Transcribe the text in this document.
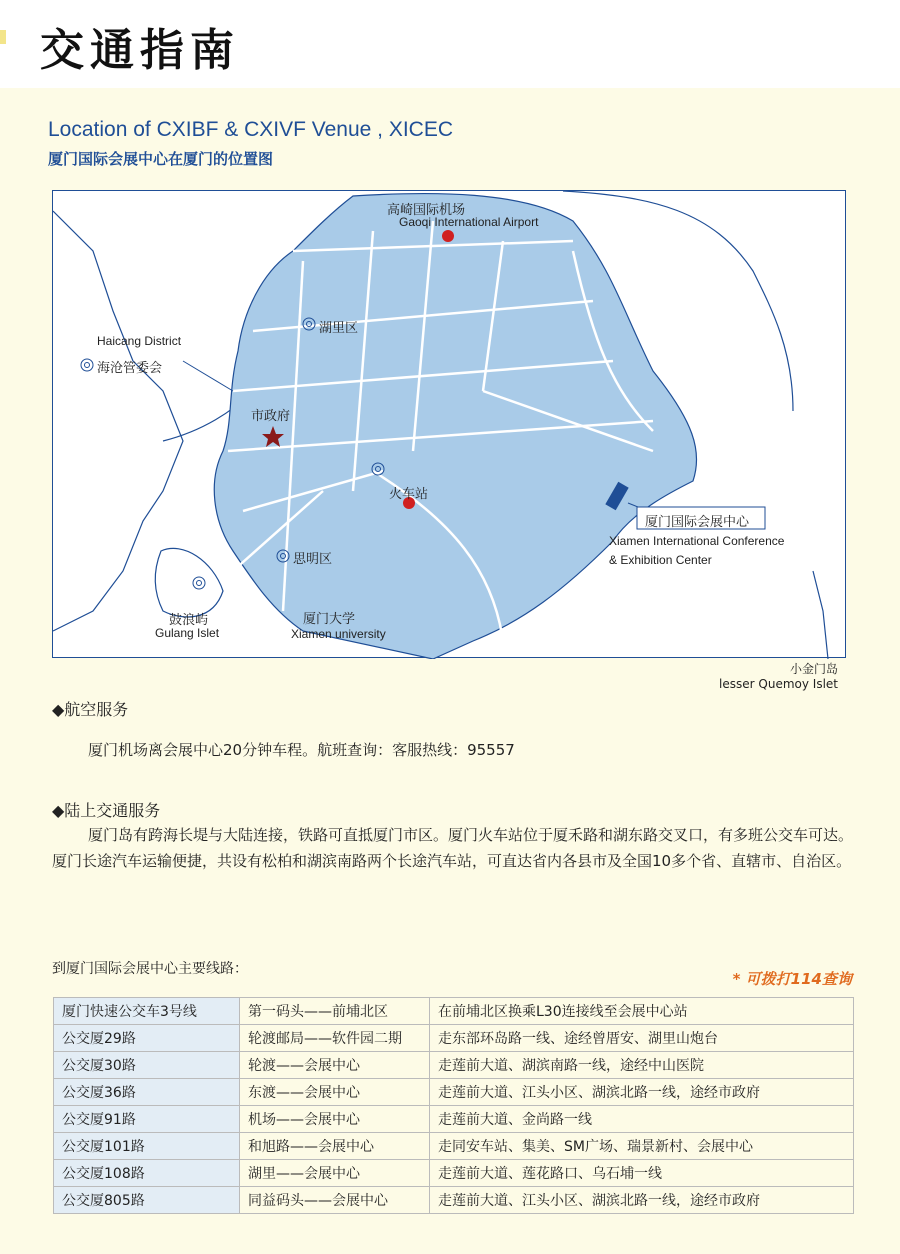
交通指南
Location of CXIBF & CXIVF Venue , XICEC
厦门国际会展中心在厦门的位置图
高崎国际机场
Gaoqi International Airport
湖里区
Haicang District
海沧管委会
市政府
火车站
厦门国际会展中心
Xiamen International Conference
& Exhibition Center
思明区
鼓浪屿
Gulang Islet
厦门大学
Xiamen university
小金门岛
lesser Quemoy Islet
◆航空服务
厦门机场离会展中心20分钟车程。航班查询：客服热线：95557
◆陆上交通服务
厦门岛有跨海长堤与大陆连接，铁路可直抵厦门市区。厦门火车站位于厦禾路和湖东路交叉口，有多班公交车可达。厦门长途汽车运输便捷，共设有松柏和湖滨南路两个长途汽车站，可直达省内各县市及全国10多个省、直辖市、自治区。
到厦门国际会展中心主要线路：
* 可拨打114查询
厦门快速公交车3号线	第一码头——前埔北区	在前埔北区换乘L30连接线至会展中心站
公交厦29路	轮渡邮局——软件园二期	走东部环岛路一线、途经曾厝安、湖里山炮台
公交厦30路	轮渡——会展中心	走莲前大道、湖滨南路一线，途经中山医院
公交厦36路	东渡——会展中心	走莲前大道、江头小区、湖滨北路一线，途经市政府
公交厦91路	机场——会展中心	走莲前大道、金尚路一线
公交厦101路	和旭路——会展中心	走同安车站、集美、SM广场、瑞景新村、会展中心
公交厦108路	湖里——会展中心	走莲前大道、莲花路口、乌石埔一线
公交厦805路	同益码头——会展中心	走莲前大道、江头小区、湖滨北路一线，途经市政府
